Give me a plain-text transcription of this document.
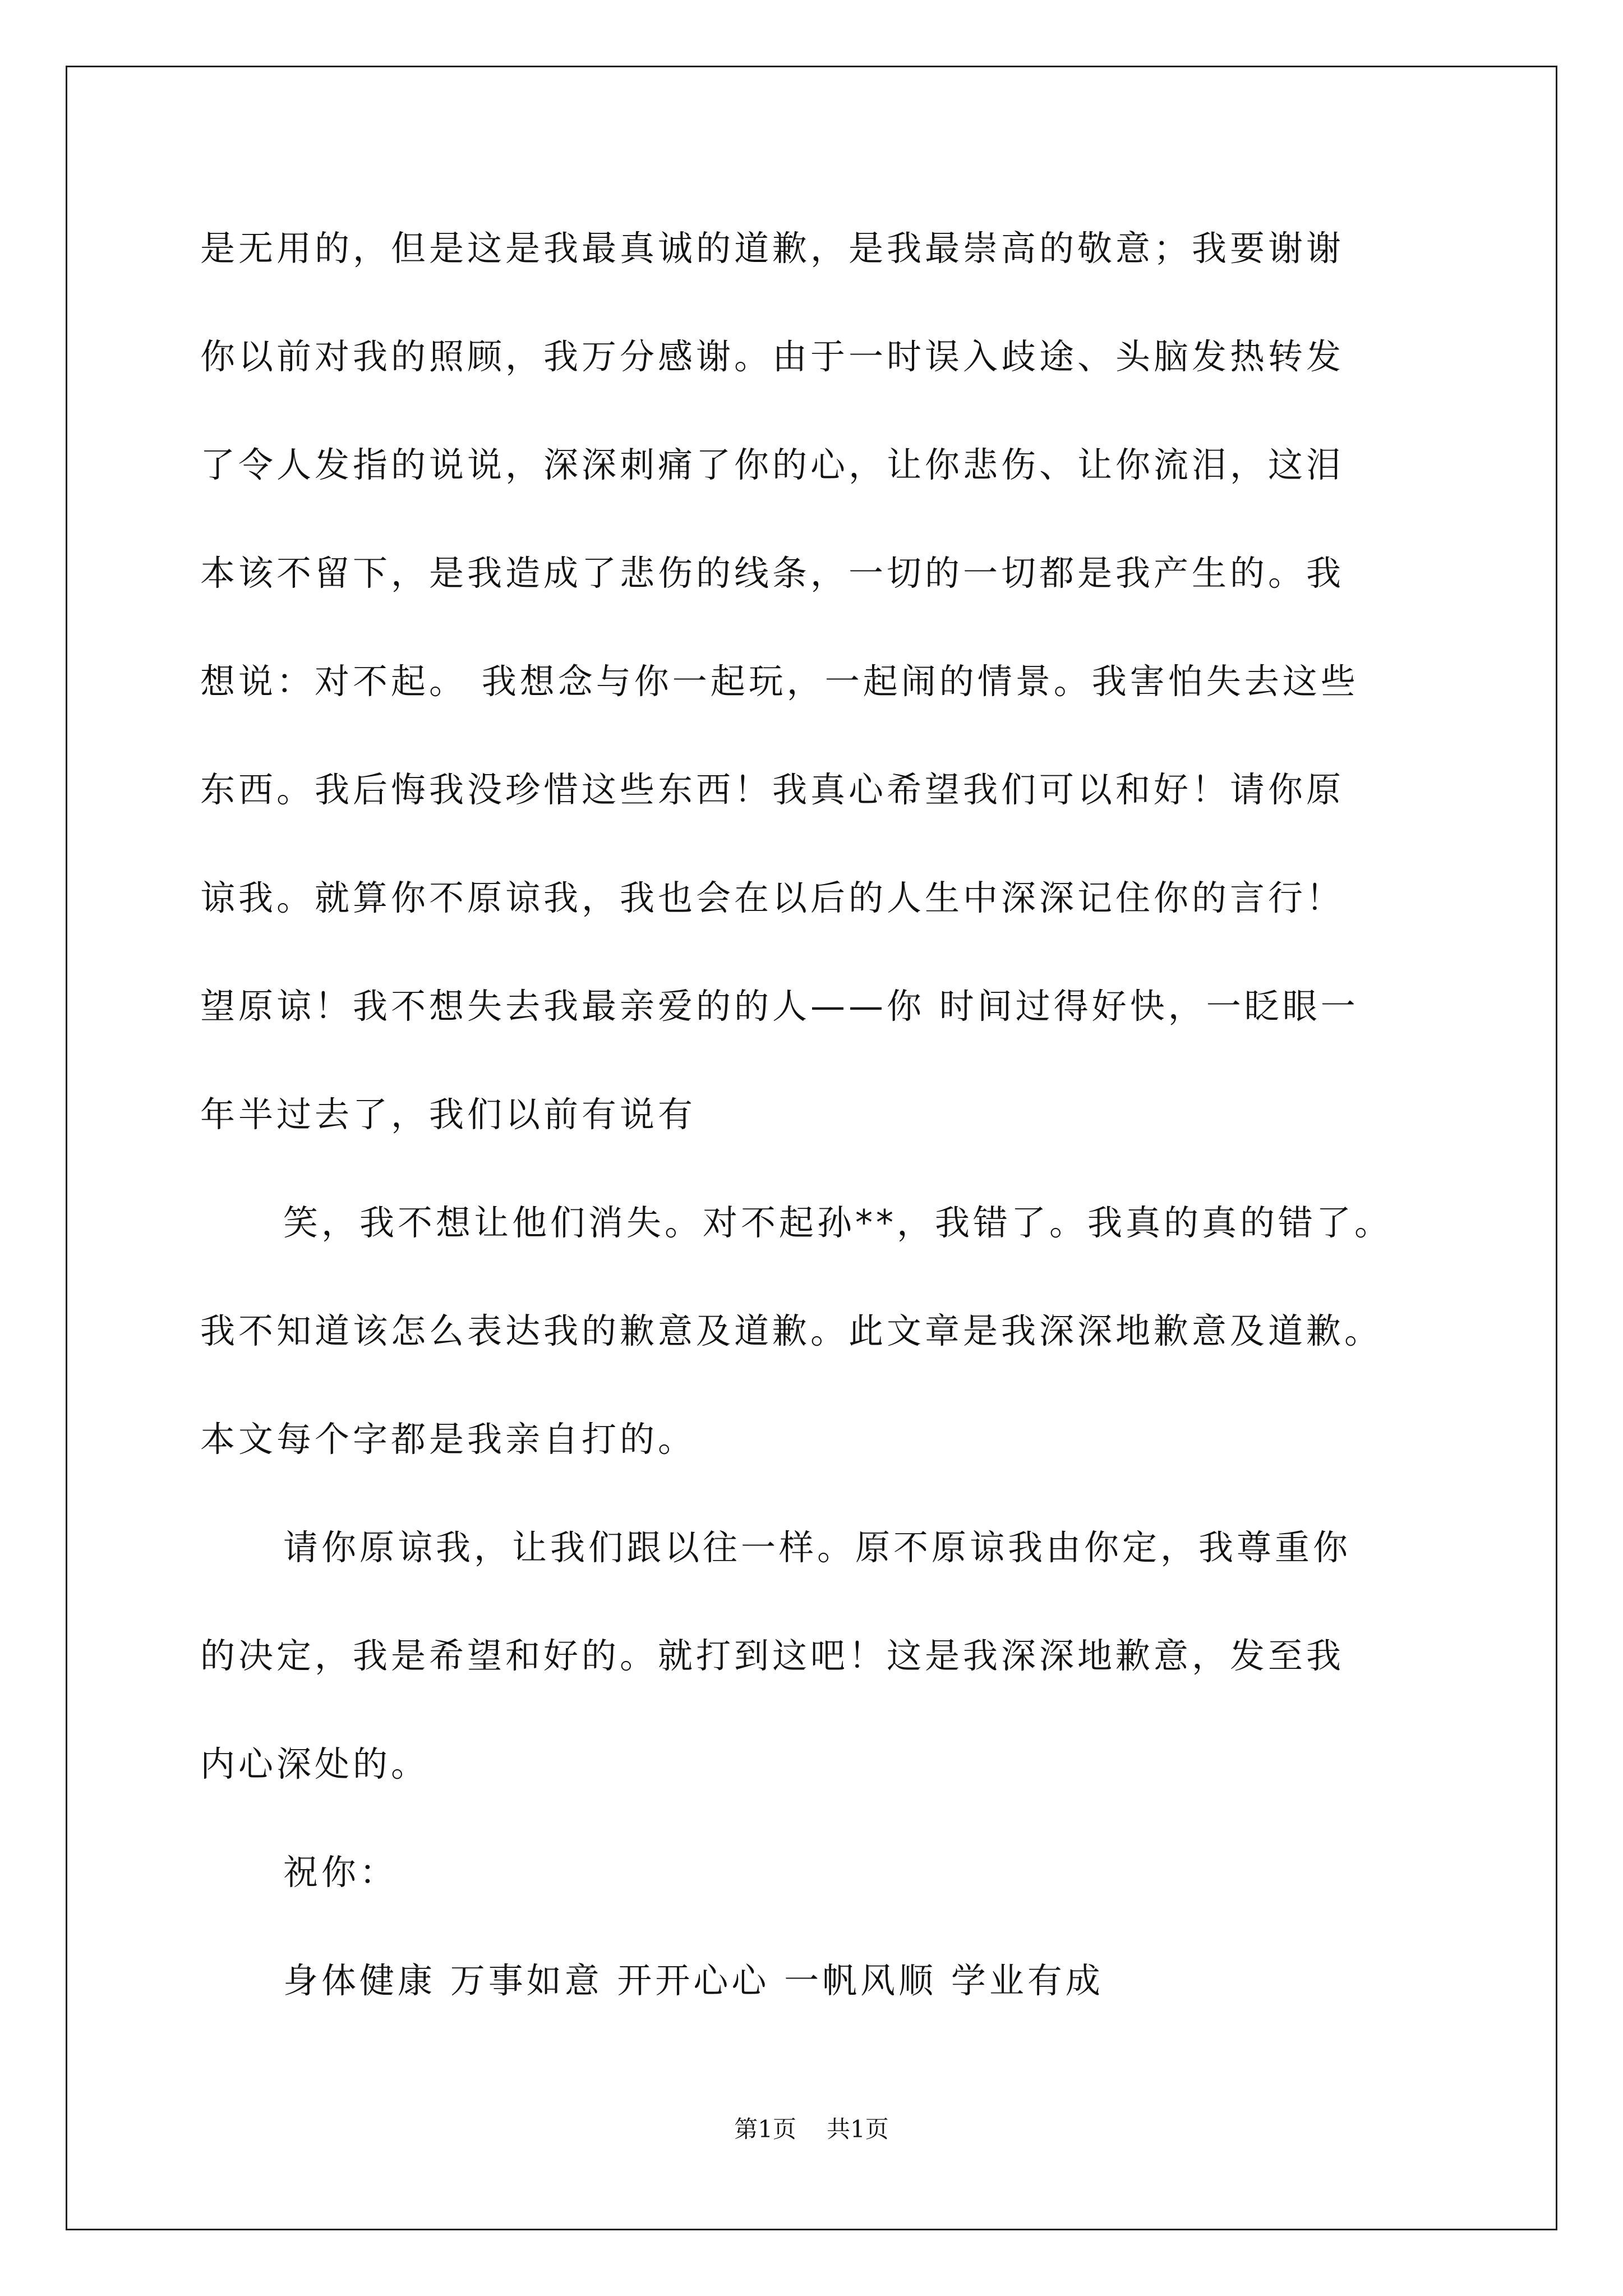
是无用的，但是这是我最真诚的道歉，是我最崇高的敬意；我要谢谢
你以前对我的照顾，我万分感谢。由于一时误入歧途、头脑发热转发
了令人发指的说说，深深刺痛了你的心，让你悲伤、让你流泪，这泪
本该不留下，是我造成了悲伤的线条，一切的一切都是我产生的。我
想说：对不起。 我想念与你一起玩，一起闹的情景。我害怕失去这些
东西。我后悔我没珍惜这些东西！我真心希望我们可以和好！请你原
谅我。就算你不原谅我，我也会在以后的人生中深深记住你的言行！
望原谅！我不想失去我最亲爱的的人——你 时间过得好快，一眨眼一
年半过去了，我们以前有说有
笑，我不想让他们消失。对不起孙**，我错了。我真的真的错了。
我不知道该怎么表达我的歉意及道歉。此文章是我深深地歉意及道歉。
本文每个字都是我亲自打的。
请你原谅我，让我们跟以往一样。原不原谅我由你定，我尊重你
的决定，我是希望和好的。就打到这吧！这是我深深地歉意，发至我
内心深处的。
祝你：
身体健康 万事如意 开开心心 一帆风顺 学业有成
第1页 共1页
